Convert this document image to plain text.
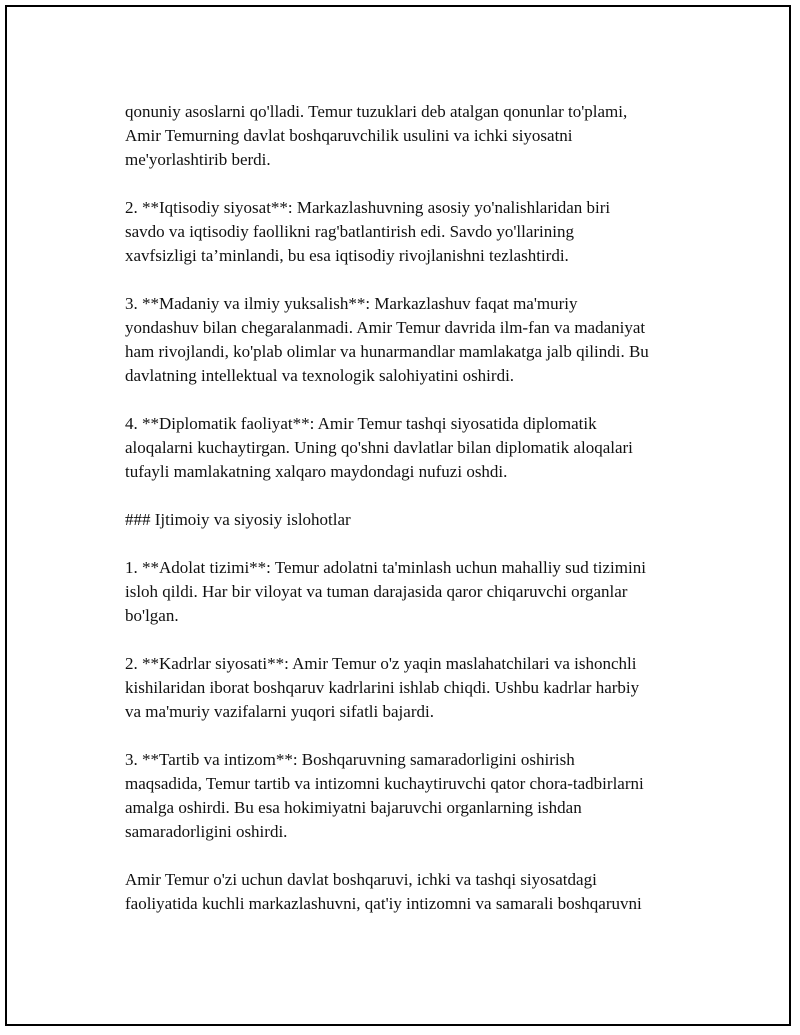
qonuniy asoslarni qo'lladi. Temur tuzuklari deb atalgan qonunlar to'plami,
Amir Temurning davlat boshqaruvchilik usulini va ichki siyosatni
me'yorlashtirib berdi.

2. **Iqtisodiy siyosat**: Markazlashuvning asosiy yo'nalishlaridan biri
savdo va iqtisodiy faollikni rag'batlantirish edi. Savdo yo'llarining
xavfsizligi ta’minlandi, bu esa iqtisodiy rivojlanishni tezlashtirdi.

3. **Madaniy va ilmiy yuksalish**: Markazlashuv faqat ma'muriy
yondashuv bilan chegaralanmadi. Amir Temur davrida ilm-fan va madaniyat
ham rivojlandi, ko'plab olimlar va hunarmandlar mamlakatga jalb qilindi. Bu
davlatning intellektual va texnologik salohiyatini oshirdi.

4. **Diplomatik faoliyat**: Amir Temur tashqi siyosatida diplomatik
aloqalarni kuchaytirgan. Uning qo'shni davlatlar bilan diplomatik aloqalari
tufayli mamlakatning xalqaro maydondagi nufuzi oshdi.

### Ijtimoiy va siyosiy islohotlar

1. **Adolat tizimi**: Temur adolatni ta'minlash uchun mahalliy sud tizimini
isloh qildi. Har bir viloyat va tuman darajasida qaror chiqaruvchi organlar
bo'lgan.

2. **Kadrlar siyosati**: Amir Temur o'z yaqin maslahatchilari va ishonchli
kishilaridan iborat boshqaruv kadrlarini ishlab chiqdi. Ushbu kadrlar harbiy
va ma'muriy vazifalarni yuqori sifatli bajardi.

3. **Tartib va intizom**: Boshqaruvning samaradorligini oshirish
maqsadida, Temur tartib va intizomni kuchaytiruvchi qator chora-tadbirlarni
amalga oshirdi. Bu esa hokimiyatni bajaruvchi organlarning ishdan
samaradorligini oshirdi.

Amir Temur o'zi uchun davlat boshqaruvi, ichki va tashqi siyosatdagi
faoliyatida kuchli markazlashuvni, qat'iy intizomni va samarali boshqaruvni
